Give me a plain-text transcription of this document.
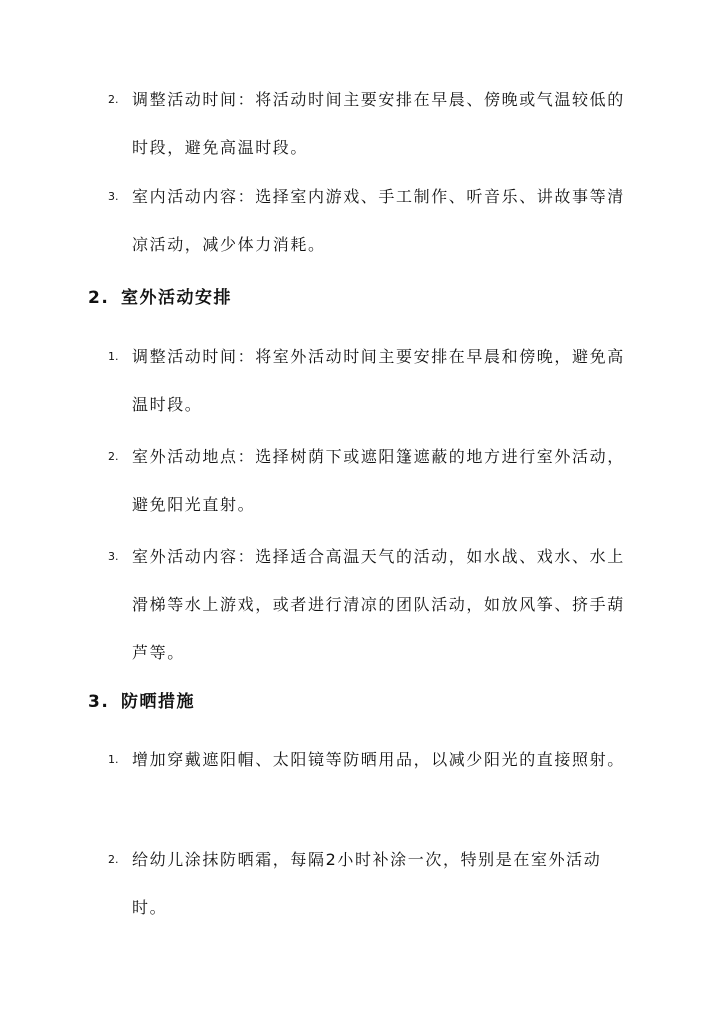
2. 调整活动时间：将活动时间主要安排在早晨、傍晚或气温较低的时段，避免高温时段。
3. 室内活动内容：选择室内游戏、手工制作、听音乐、讲故事等清凉活动，减少体力消耗。
2. 室外活动安排
1. 调整活动时间：将室外活动时间主要安排在早晨和傍晚，避免高温时段。
2. 室外活动地点：选择树荫下或遮阳篷遮蔽的地方进行室外活动，避免阳光直射。
3. 室外活动内容：选择适合高温天气的活动，如水战、戏水、水上滑梯等水上游戏，或者进行清凉的团队活动，如放风筝、挤手葫芦等。
3. 防晒措施
1. 增加穿戴遮阳帽、太阳镜等防晒用品，以减少阳光的直接照射。
2. 给幼儿涂抹防晒霜，每隔2小时补涂一次，特别是在室外活动时。
